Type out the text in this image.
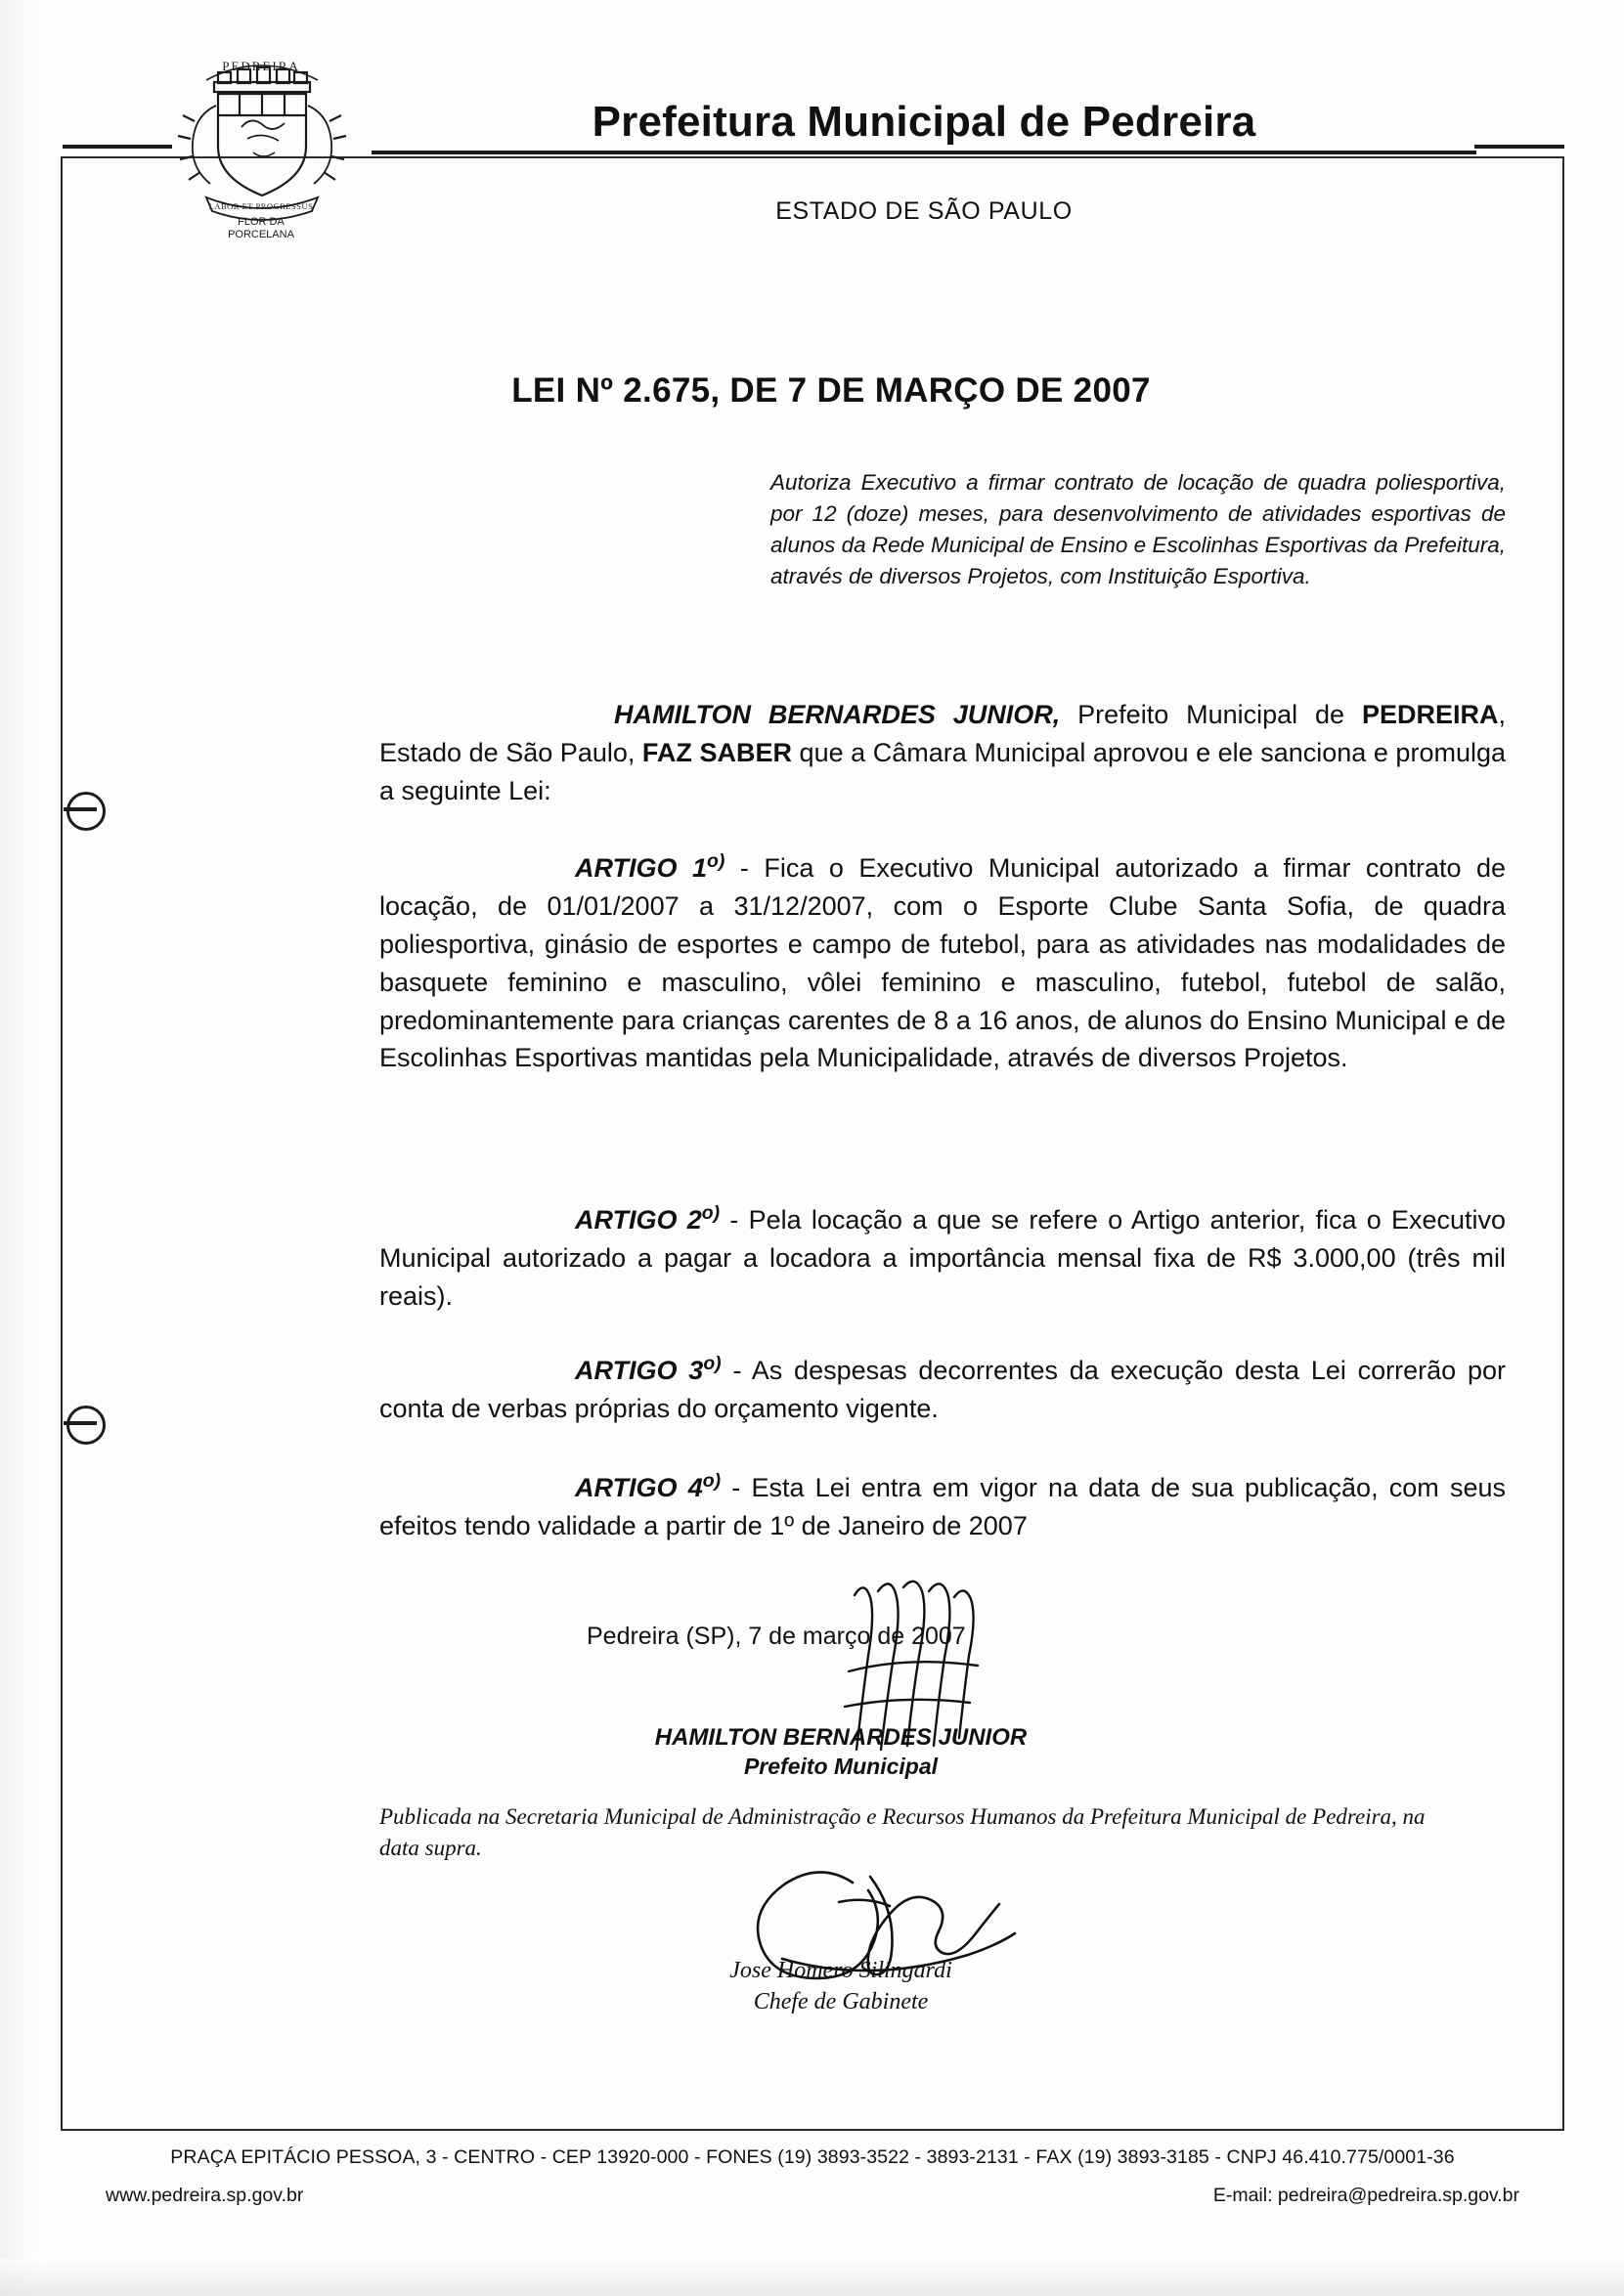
PEDREIRA
LABOR ET PROGRESSUS
FLOR DA
PORCELANA
Prefeitura Municipal de Pedreira
ESTADO DE SÃO PAULO
LEI Nº 2.675, DE 7 DE MARÇO DE 2007
Autoriza Executivo a firmar contrato de locação de quadra poliesportiva, por 12 (doze) meses, para desenvolvimento de atividades esportivas de alunos da Rede Municipal de Ensino e Escolinhas Esportivas da Prefeitura, através de diversos Projetos, com Instituição Esportiva.
HAMILTON BERNARDES JUNIOR, Prefeito Municipal de PEDREIRA, Estado de São Paulo, FAZ SABER que a Câmara Municipal aprovou e ele sanciona e promulga a seguinte Lei:
ARTIGO 1$^{o)}$ - Fica o Executivo Municipal autorizado a firmar contrato de locação, de 01/01/2007 a 31/12/2007, com o Esporte Clube Santa Sofia, de quadra poliesportiva, ginásio de esportes e campo de futebol, para as atividades nas modalidades de basquete feminino e masculino, vôlei feminino e masculino, futebol, futebol de salão, predominantemente para crianças carentes de 8 a 16 anos, de alunos do Ensino Municipal e de Escolinhas Esportivas mantidas pela Municipalidade, através de diversos Projetos.
ARTIGO 2$^{o)}$ - Pela locação a que se refere o Artigo anterior, fica o Executivo Municipal autorizado a pagar a locadora a importância mensal fixa de R$ 3.000,00 (três mil reais).
ARTIGO 3$^{o)}$ - As despesas decorrentes da execução desta Lei correrão por conta de verbas próprias do orçamento vigente.
ARTIGO 4$^{o)}$ - Esta Lei entra em vigor na data de sua publicação, com seus efeitos tendo validade a partir de 1º de Janeiro de 2007
Pedreira (SP), 7 de março de 2007
HAMILTON BERNARDES JUNIOR
Prefeito Municipal
Publicada na Secretaria Municipal de Administração e Recursos Humanos da Prefeitura Municipal de Pedreira, na data supra.
Jose Homero Silingardi
Chefe de Gabinete
PRAÇA EPITÁCIO PESSOA, 3 - CENTRO - CEP 13920-000 - FONES (19) 3893-3522 - 3893-2131 - FAX (19) 3893-3185 - CNPJ 46.410.775/0001-36
www.pedreira.sp.gov.br	E-mail: pedreira@pedreira.sp.gov.br
